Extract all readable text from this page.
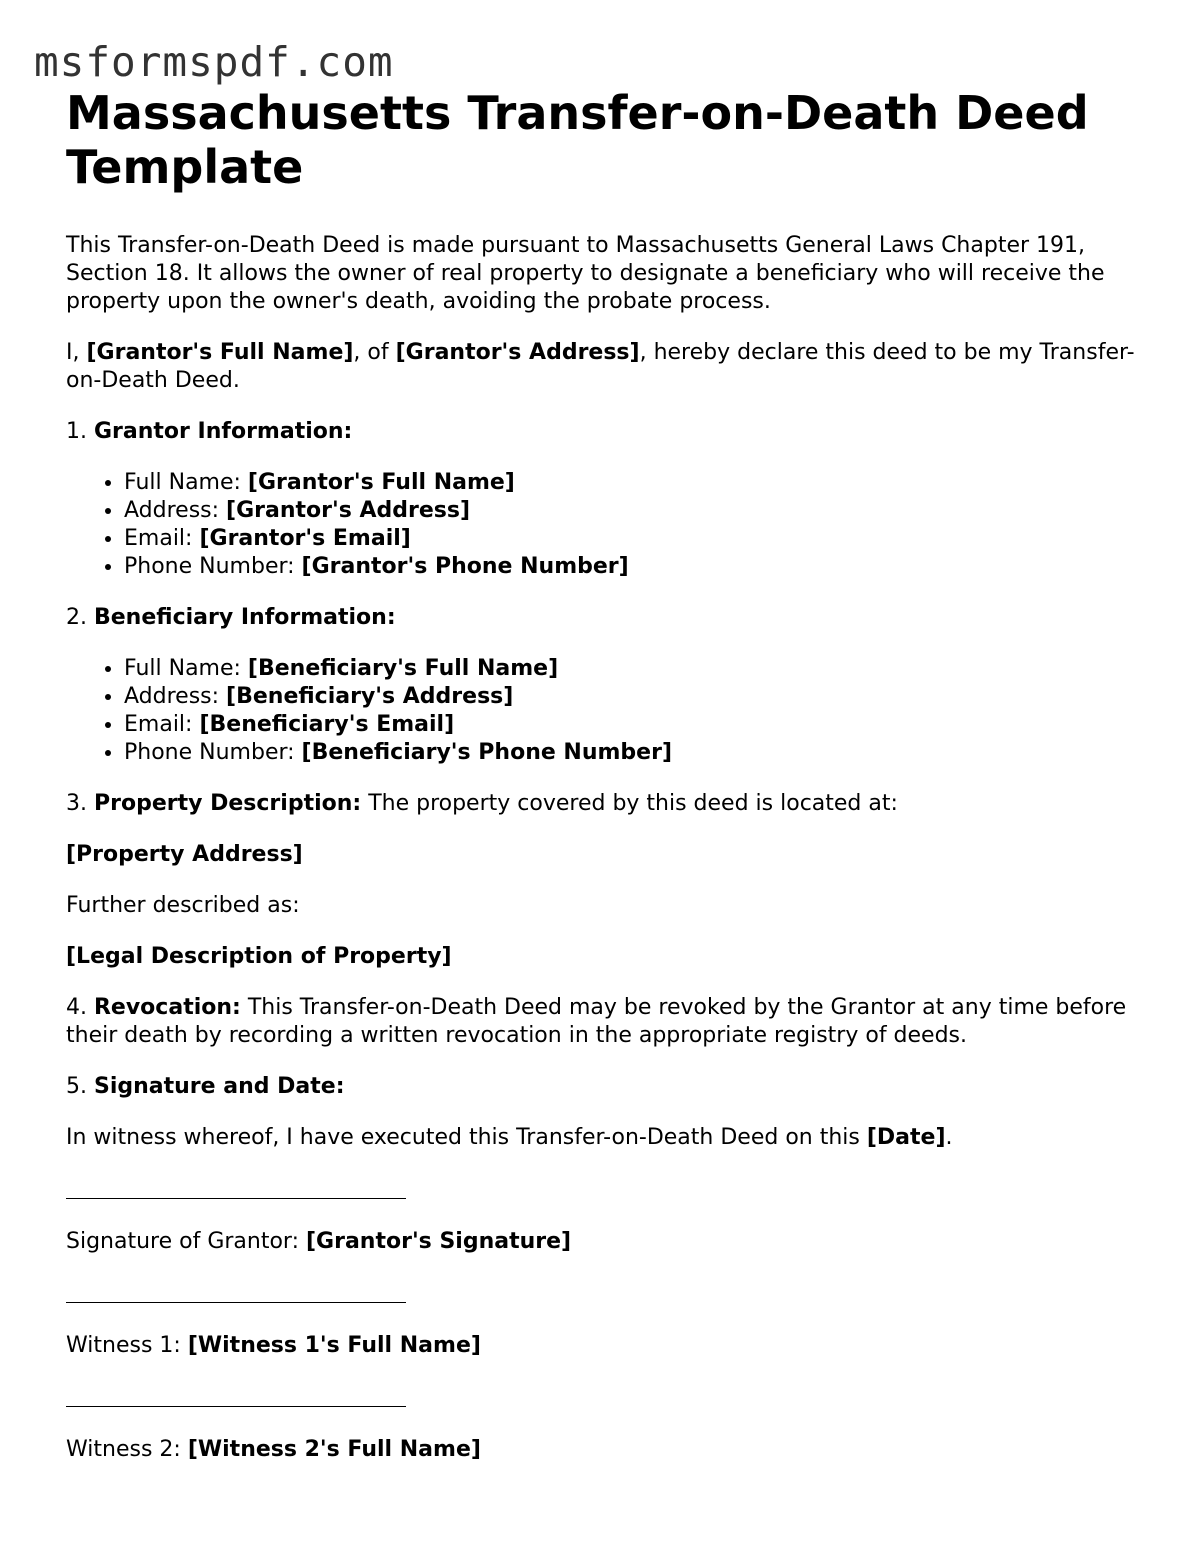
msformspdf.com
Massachusetts Transfer-on-Death Deed Template

This Transfer-on-Death Deed is made pursuant to Massachusetts General Laws Chapter 191, Section 18. It allows the owner of real property to designate a beneficiary who will receive the property upon the owner's death, avoiding the probate process.

I, [Grantor's Full Name], of [Grantor's Address], hereby declare this deed to be my Transfer-on-Death Deed.

1. Grantor Information:

• Full Name: [Grantor's Full Name]
• Address: [Grantor's Address]
• Email: [Grantor's Email]
• Phone Number: [Grantor's Phone Number]

2. Beneficiary Information:

• Full Name: [Beneficiary's Full Name]
• Address: [Beneficiary's Address]
• Email: [Beneficiary's Email]
• Phone Number: [Beneficiary's Phone Number]

3. Property Description: The property covered by this deed is located at:

[Property Address]

Further described as:

[Legal Description of Property]

4. Revocation: This Transfer-on-Death Deed may be revoked by the Grantor at any time before their death by recording a written revocation in the appropriate registry of deeds.

5. Signature and Date:

In witness whereof, I have executed this Transfer-on-Death Deed on this [Date].

Signature of Grantor: [Grantor's Signature]

Witness 1: [Witness 1's Full Name]

Witness 2: [Witness 2's Full Name]
